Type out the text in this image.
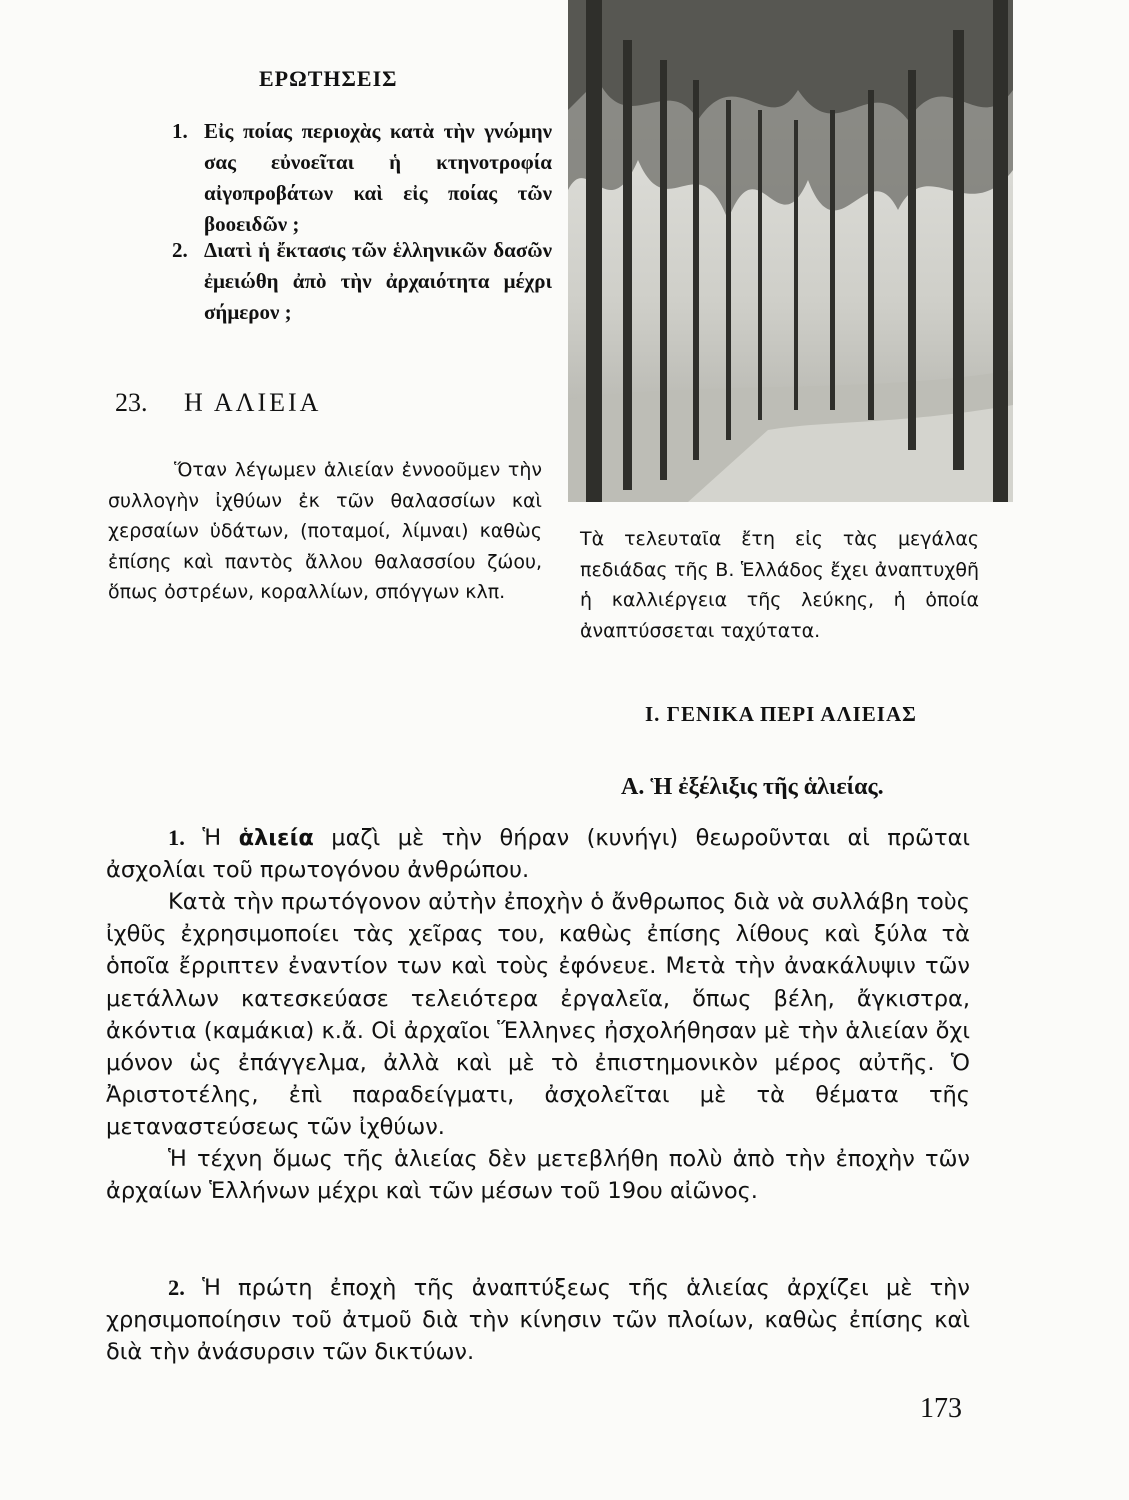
ΕΡΩΤΗΣΕΙΣ
1. Εἰς ποίας περιοχὰς κατὰ τὴν γνώμην σας εὐνοεῖται ἡ κτηνοτροφία αἰγοπροβάτων καὶ εἰς ποίας τῶν βοοειδῶν ;
2. Διατὶ ἡ ἔκτασις τῶν ἑλληνικῶν δασῶν ἐμειώθη ἀπὸ τὴν ἀρχαιότητα μέχρι σήμερον ;
23. Η ΑΛΙΕΙΑ

Ὅταν λέγωμεν ἁλιείαν ἐννοοῦμεν τὴν συλλογὴν ἰχθύων ἐκ τῶν θαλασσίων καὶ χερσαίων ὑδάτων, (ποταμοί, λίμναι) καθὼς ἐπίσης καὶ παντὸς ἄλλου θαλασσίου ζώου, ὅπως ὀστρέων, κοραλλίων, σπόγγων κλπ.

Τὰ τελευταῖα ἔτη εἰς τὰς μεγάλας πεδιάδας τῆς Β. Ἑλλάδος ἔχει ἀναπτυχθῆ ἡ καλλιέργεια τῆς λεύκης, ἡ ὁποία ἀναπτύσσεται ταχύτατα.

Ι. ΓΕΝΙΚΑ ΠΕΡΙ ΑΛΙΕΙΑΣ
Α. Ἡ ἐξέλιξις τῆς ἁλιείας.

1. Ἡ ἁλιεία μαζὶ μὲ τὴν θήραν (κυνήγι) θεωροῦνται αἱ πρῶται ἀσχολίαι τοῦ πρωτογόνου ἀνθρώπου.

Κατὰ τὴν πρωτόγονον αὐτὴν ἐποχὴν ὁ ἄνθρωπος διὰ νὰ συλλάβη τοὺς ἰχθῦς ἐχρησιμοποίει τὰς χεῖρας του, καθὼς ἐπίσης λίθους καὶ ξύλα τὰ ὁποῖα ἔρριπτεν ἐναντίον των καὶ τοὺς ἐφόνευε. Μετὰ τὴν ἀνακάλυψιν τῶν μετάλλων κατεσκεύασε τελειότερα ἐργαλεῖα, ὅπως βέλη, ἄγκιστρα, ἀκόντια (καμάκια) κ.ἄ. Οἱ ἀρχαῖοι Ἕλληνες ἠσχολήθησαν μὲ τὴν ἁλιείαν ὄχι μόνον ὡς ἐπάγγελμα, ἀλλὰ καὶ μὲ τὸ ἐπιστημονικὸν μέρος αὐτῆς. Ὁ Ἀριστοτέλης, ἐπὶ παραδείγματι, ἀσχολεῖται μὲ τὰ θέματα τῆς μεταναστεύσεως τῶν ἰχθύων.

Ἡ τέχνη ὅμως τῆς ἁλιείας δὲν μετεβλήθη πολὺ ἀπὸ τὴν ἐποχὴν τῶν ἀρχαίων Ἑλλήνων μέχρι καὶ τῶν μέσων τοῦ 19ου αἰῶνος.

2. Ἡ πρώτη ἐποχὴ τῆς ἀναπτύξεως τῆς ἁλιείας ἀρχίζει μὲ τὴν χρησιμοποίησιν τοῦ ἀτμοῦ διὰ τὴν κίνησιν τῶν πλοίων, καθὼς ἐπίσης καὶ διὰ τὴν ἀνάσυρσιν τῶν δικτύων.

173
